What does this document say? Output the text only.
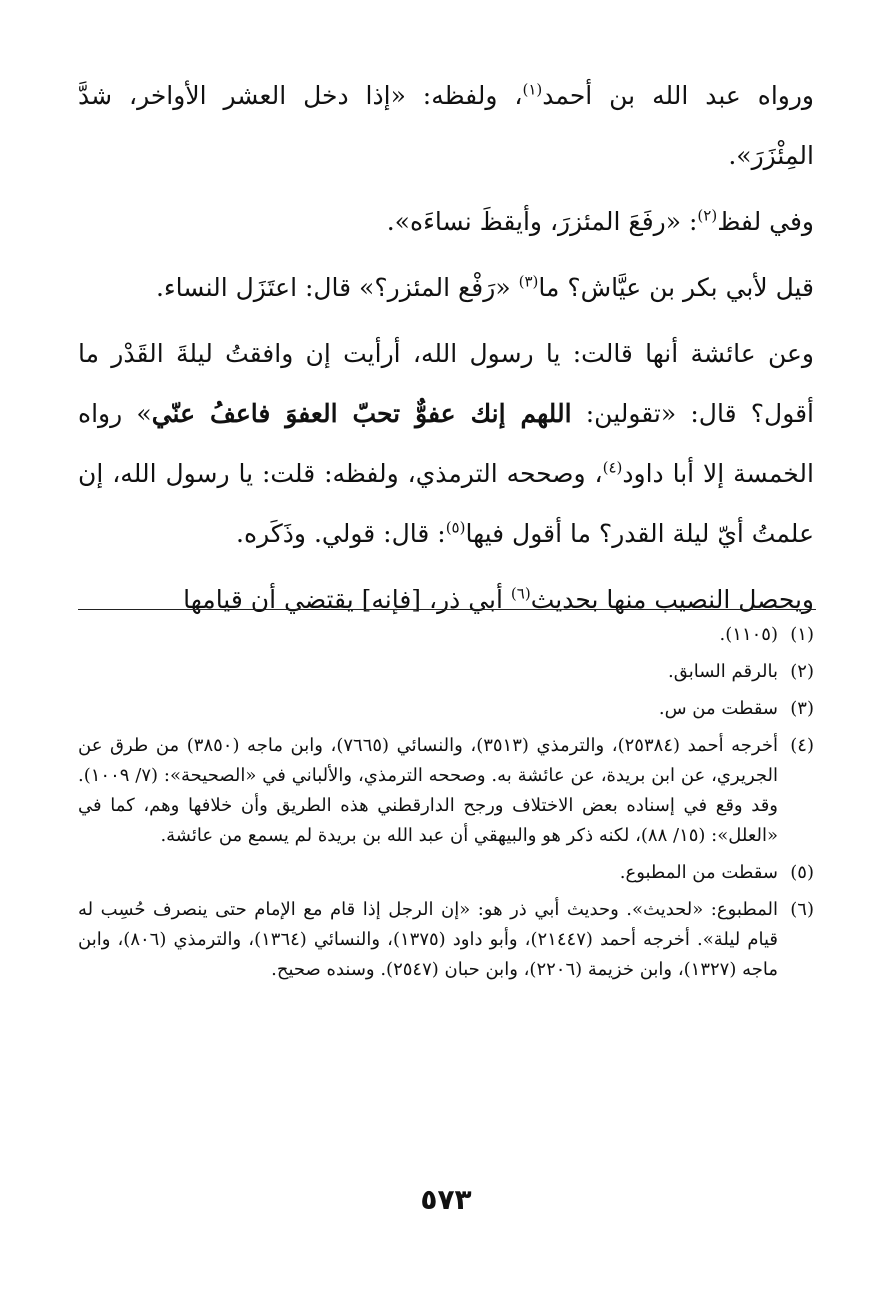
ورواه عبد الله بن أحمد$^{(١)}$، ولفظه: «إذا دخل العشر الأواخر، شدَّ المِئْزَرَ».

وفي لفظ$^{(٢)}$: «رفَعَ المئزرَ، وأيقظَ نساءَه».

قيل لأبي بكر بن عيَّاش؟ ما$^{(٣)}$ «رَفْع المئزر؟» قال: اعتَزَل النساء.

وعن عائشة أنها قالت: يا رسول الله، أرأيت إن وافقتُ ليلةَ القَدْر ما أقول؟ قال: «تقولين: اللهم إنك عفوٌّ تحبّ العفوَ فاعفُ عنّي» رواه الخمسة إلا أبا داود$^{(٤)}$، وصححه الترمذي، ولفظه: قلت: يا رسول الله، إن علمتُ أيّ ليلة القدر؟ ما أقول فيها$^{(٥)}$: قال: قولي. وذَكَره.

ويحصل النصيب منها بحديث$^{(٦)}$ أبي ذر، [فإنه] يقتضي أن قيامها

(١)
(١١٠٥).
(٢)
بالرقم السابق.
(٣)
سقطت من س.
(٤)
أخرجه أحمد (٢٥٣٨٤)، والترمذي (٣٥١٣)، والنسائي (٧٦٦٥)، وابن ماجه (٣٨٥٠) من طرق عن الجريري، عن ابن بريدة، عن عائشة به. وصححه الترمذي، والألباني في «الصحيحة»: (٧/ ١٠٠٩). وقد وقع في إسناده بعض الاختلاف ورجح الدارقطني هذه الطريق وأن خلافها وهم، كما في «العلل»: (١٥/ ٨٨)، لكنه ذكر هو والبيهقي أن عبد الله بن بريدة لم يسمع من عائشة.
(٥)
سقطت من المطبوع.
(٦)
المطبوع: «لحديث». وحديث أبي ذر هو: «إن الرجل إذا قام مع الإمام حتى ينصرف حُسِب له قيام ليلة». أخرجه أحمد (٢١٤٤٧)، وأبو داود (١٣٧٥)، والنسائي (١٣٦٤)، والترمذي (٨٠٦)، وابن ماجه (١٣٢٧)، وابن خزيمة (٢٢٠٦)، وابن حبان (٢٥٤٧). وسنده صحيح.
٥٧٣
